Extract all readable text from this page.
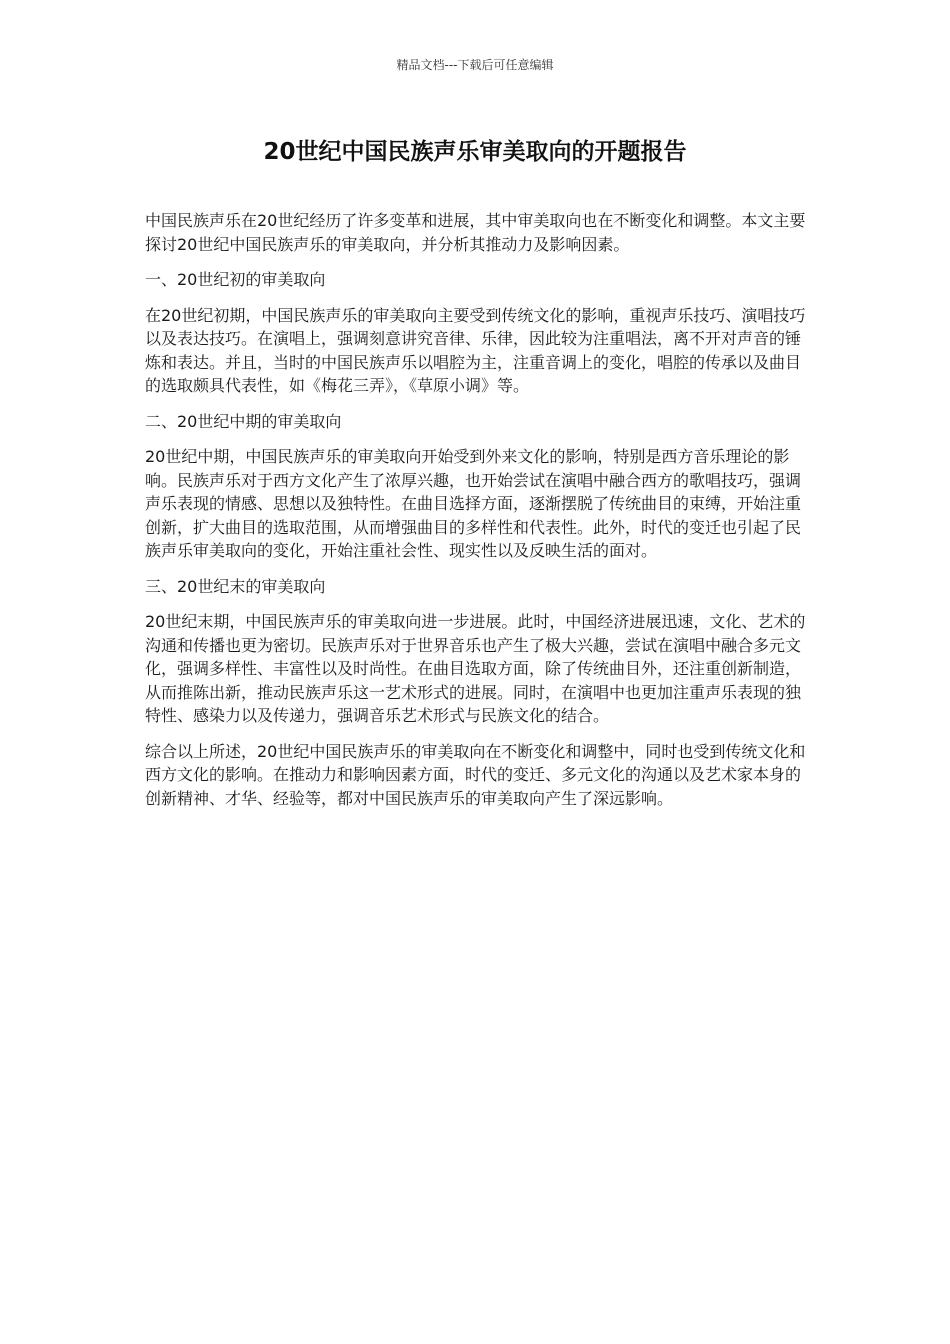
精品文档---下载后可任意编辑
20世纪中国民族声乐审美取向的开题报告

中国民族声乐在20世纪经历了许多变革和进展，其中审美取向也在不断变化和调整。本文主要探讨20世纪中国民族声乐的审美取向，并分析其推动力及影响因素。

一、20世纪初的审美取向

在20世纪初期，中国民族声乐的审美取向主要受到传统文化的影响，重视声乐技巧、演唱技巧以及表达技巧。在演唱上，强调刻意讲究音律、乐律，因此较为注重唱法，离不开对声音的锤炼和表达。并且，当时的中国民族声乐以唱腔为主，注重音调上的变化，唱腔的传承以及曲目的选取颇具代表性，如《梅花三弄》，《草原小调》等。

二、20世纪中期的审美取向

20世纪中期，中国民族声乐的审美取向开始受到外来文化的影响，特别是西方音乐理论的影响。民族声乐对于西方文化产生了浓厚兴趣，也开始尝试在演唱中融合西方的歌唱技巧，强调声乐表现的情感、思想以及独特性。在曲目选择方面，逐渐摆脱了传统曲目的束缚，开始注重创新，扩大曲目的选取范围，从而增强曲目的多样性和代表性。此外，时代的变迁也引起了民族声乐审美取向的变化，开始注重社会性、现实性以及反映生活的面对。

三、20世纪末的审美取向

20世纪末期，中国民族声乐的审美取向进一步进展。此时，中国经济进展迅速，文化、艺术的沟通和传播也更为密切。民族声乐对于世界音乐也产生了极大兴趣，尝试在演唱中融合多元文化，强调多样性、丰富性以及时尚性。在曲目选取方面，除了传统曲目外，还注重创新制造，从而推陈出新，推动民族声乐这一艺术形式的进展。同时，在演唱中也更加注重声乐表现的独特性、感染力以及传递力，强调音乐艺术形式与民族文化的结合。

综合以上所述，20世纪中国民族声乐的审美取向在不断变化和调整中，同时也受到传统文化和西方文化的影响。在推动力和影响因素方面，时代的变迁、多元文化的沟通以及艺术家本身的创新精神、才华、经验等，都对中国民族声乐的审美取向产生了深远影响。
